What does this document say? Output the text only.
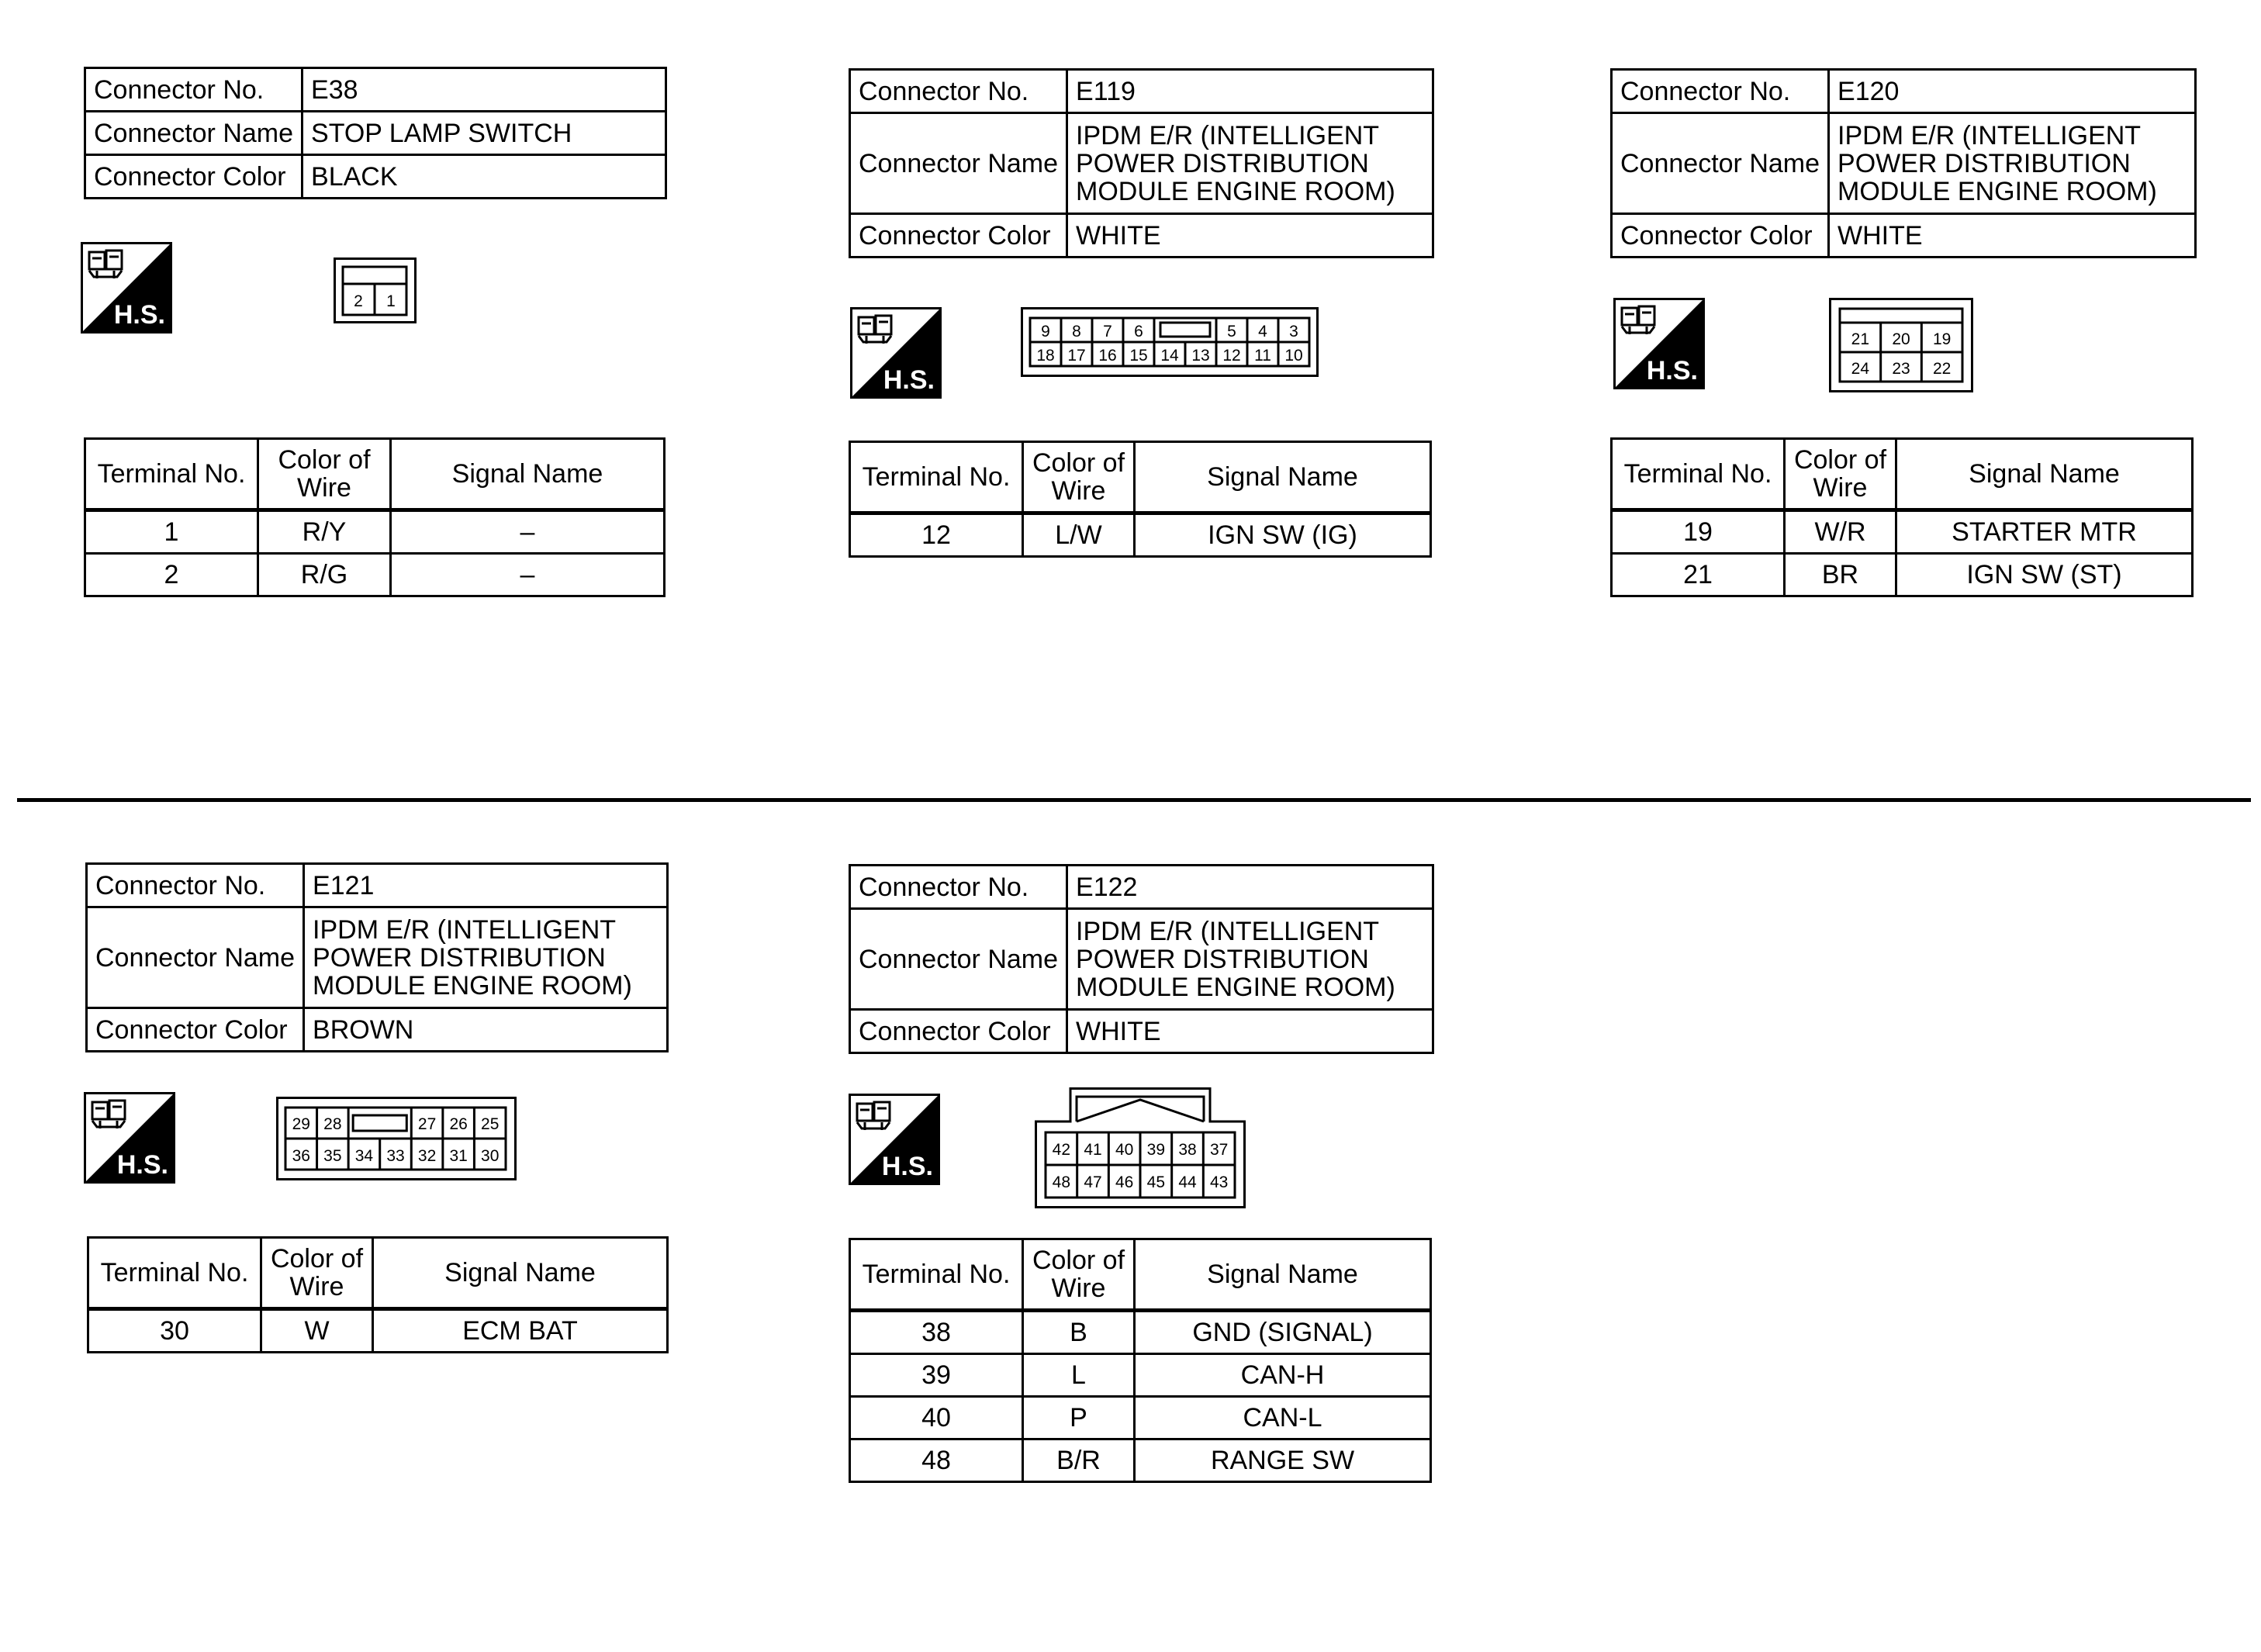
Connector No.	E38
Connector Name	STOP LAMP SWITCH
Connector Color	BLACK
H.S.	2 1
Terminal No.	Color of Wire	Signal Name
1	R/Y	–
2	R/G	–
Connector No.	E119
Connector Name	IPDM E/R (INTELLIGENT POWER DISTRIBUTION MODULE ENGINE ROOM)
Connector Color	WHITE
H.S.
9 8 7 6	5 4 3
18 17 16 15 14 13 12 11 10
Terminal No.	Color of Wire	Signal Name
12	L/W	IGN SW (IG)
Connector No.	E120
Connector Name	IPDM E/R (INTELLIGENT POWER DISTRIBUTION MODULE ENGINE ROOM)
Connector Color	WHITE
H.S.
21 20 19
24 23 22
Terminal No.	Color of Wire	Signal Name
19	W/R	STARTER MTR
21	BR	IGN SW (ST)
Connector No.	E121
Connector Name	IPDM E/R (INTELLIGENT POWER DISTRIBUTION MODULE ENGINE ROOM)
Connector Color	BROWN
H.S.
29 28	27 26 25
36 35 34 33 32 31 30
Terminal No.	Color of Wire	Signal Name
30	W	ECM BAT
Connector No.	E122
Connector Name	IPDM E/R (INTELLIGENT POWER DISTRIBUTION MODULE ENGINE ROOM)
Connector Color	WHITE
H.S.
42 41 40 39 38 37
48 47 46 45 44 43
Terminal No.	Color of Wire	Signal Name
38	B	GND (SIGNAL)
39	L	CAN-H
40	P	CAN-L
48	B/R	RANGE SW
